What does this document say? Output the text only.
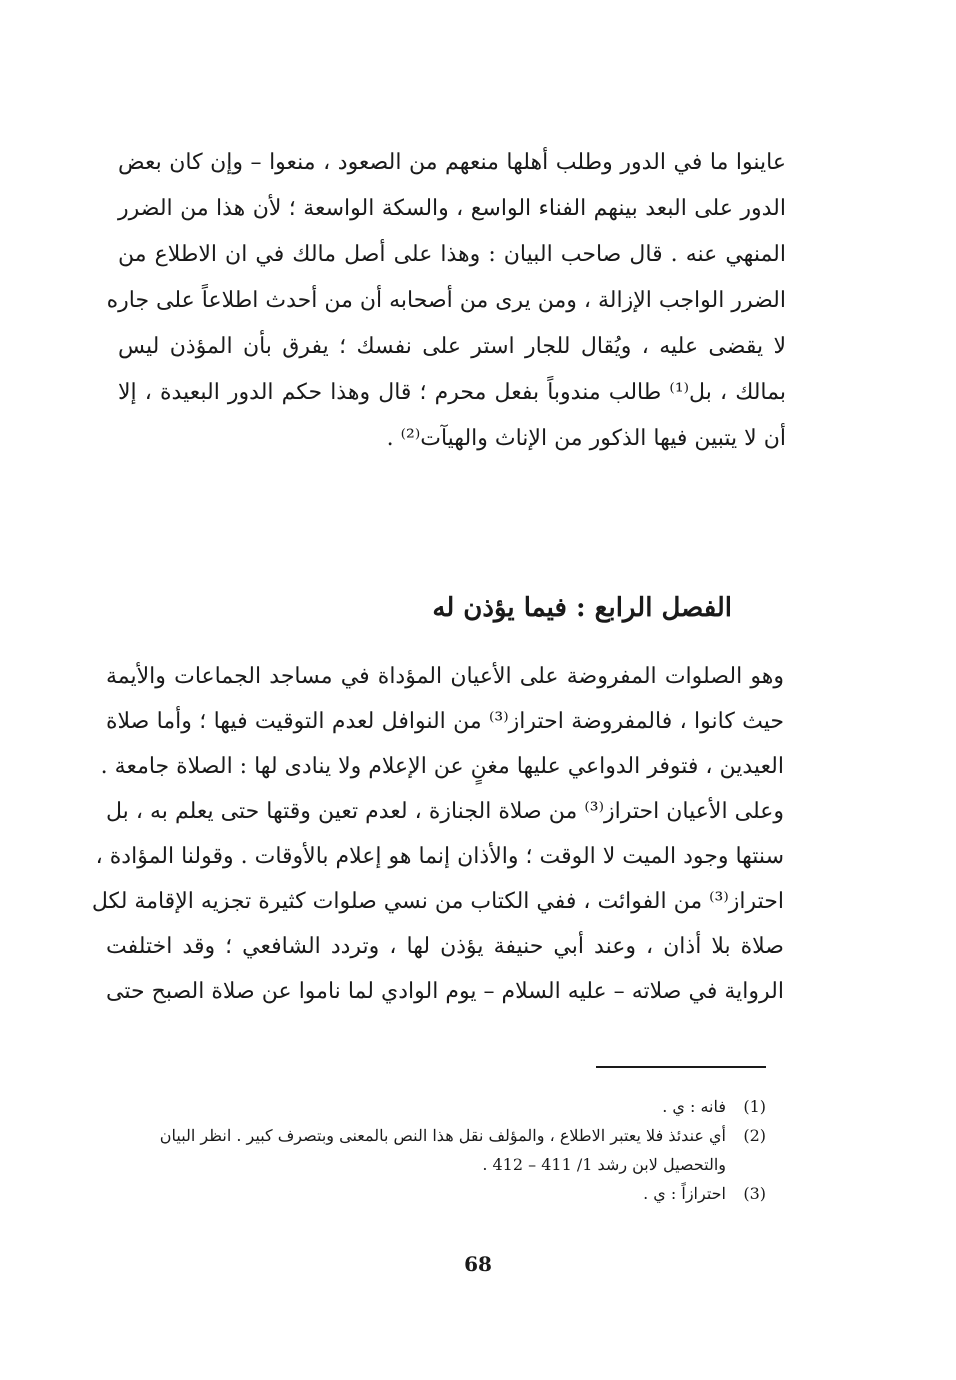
عاينوا ما في الدور وطلب أهلها منعهم من الصعود ، منعوا – وإن كان بعض
الدور على البعد بينهم الفناء الواسع ، والسكة الواسعة ؛ لأن هذا من الضرر
المنهي عنه . قال صاحب البيان : وهذا على أصل مالك في ان الاطلاع من
الضرر الواجب الإزالة ، ومن يرى من أصحابه أن من أحدث اطلاعاً على جاره
لا يقضى عليه ، ويُقال للجار استر على نفسك ؛ يفرق بأن المؤذن ليس
بمالك ، بل⁽¹⁾ طالب مندوباً بفعل محرم ؛ قال وهذا حكم الدور البعيدة ، إلا
أن لا يتبين فيها الذكور من الإناث والهيآت⁽²⁾ .
الفصل الرابع : فيما يؤذن له
وهو الصلوات المفروضة على الأعيان المؤداة في مساجد الجماعات والأيمة
حيث كانوا ، فالمفروضة احتراز⁽³⁾ من النوافل لعدم التوقيت فيها ؛ وأما صلاة
العيدين ، فتوفر الدواعي عليها مغنٍ عن الإعلام ولا ينادى لها : الصلاة جامعة .
وعلى الأعيان احتراز⁽³⁾ من صلاة الجنازة ، لعدم تعين وقتها حتى يعلم به ، بل
سنتها وجود الميت لا الوقت ؛ والأذان إنما هو إعلام بالأوقات . وقولنا المؤادة ،
احتراز⁽³⁾ من الفوائت ، ففي الكتاب من نسي صلوات كثيرة تجزيه الإقامة لكل
صلاة بلا أذان ، وعند أبي حنيفة يؤذن لها ، وتردد الشافعي ؛ وقد اختلفت
الرواية في صلاته – عليه السلام – يوم الوادي لما ناموا عن صلاة الصبح حتى
(1)
فانه : ي .
(2)
أي عندئذ فلا يعتبر الاطلاع ، والمؤلف نقل هذا النص بالمعنى وبتصرف كبير . انظر البيان والتحصيل لابن رشد 1/ 411 – 412 .
(3)
احترازاً : ي .
68
